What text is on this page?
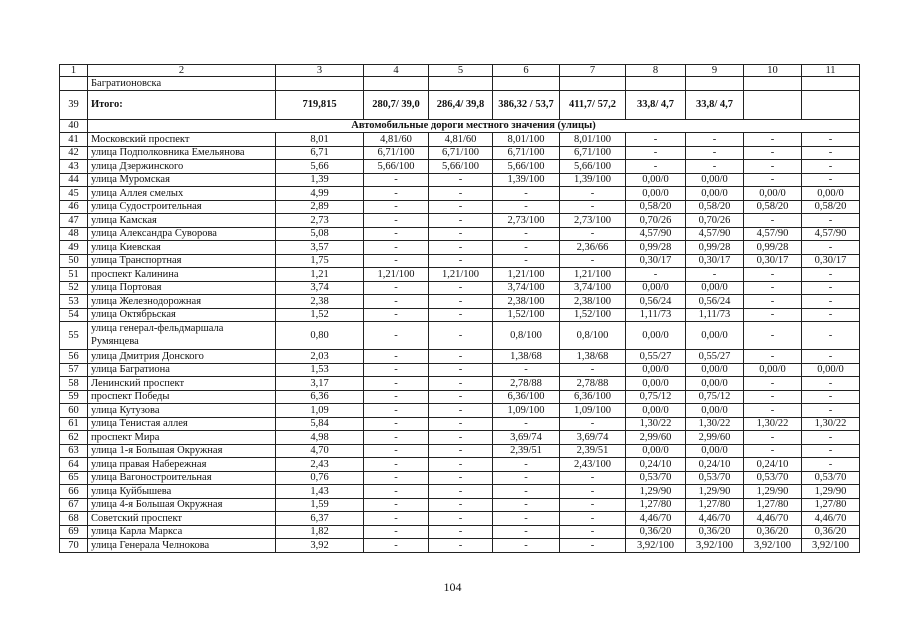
1	2	3	4	5	6	7	8	9	10	11
	Багратионовска									
39	Итого:	719,815	280,7/ 39,0	286,4/ 39,8	386,32 / 53,7	411,7/ 57,2	33,8/ 4,7	33,8/ 4,7		
40	Автомобильные дороги местного значения (улицы)									
41	Московский проспект	8,01	4,81/60	4,81/60	8,01/100	8,01/100	-	-	-	-
42	улица Подполковника Емельянова	6,71	6,71/100	6,71/100	6,71/100	6,71/100	-	-	-	-
43	улица Дзержинского	5,66	5,66/100	5,66/100	5,66/100	5,66/100	-	-	-	-
44	улица Муромская	1,39	-	-	1,39/100	1,39/100	0,00/0	0,00/0	-	-
45	улица Аллея смелых	4,99	-	-	-	-	0,00/0	0,00/0	0,00/0	0,00/0
46	улица Судостроительная	2,89	-	-	-	-	0,58/20	0,58/20	0,58/20	0,58/20
47	улица Камская	2,73	-	-	2,73/100	2,73/100	0,70/26	0,70/26	-	-
48	улица Александра Суворова	5,08	-	-	-	-	4,57/90	4,57/90	4,57/90	4,57/90
49	улица Киевская	3,57	-	-	-	2,36/66	0,99/28	0,99/28	0,99/28	-
50	улица Транспортная	1,75	-	-	-	-	0,30/17	0,30/17	0,30/17	0,30/17
51	проспект Калинина	1,21	1,21/100	1,21/100	1,21/100	1,21/100	-	-	-	-
52	улица Портовая	3,74	-	-	3,74/100	3,74/100	0,00/0	0,00/0	-	-
53	улица Железнодорожная	2,38	-	-	2,38/100	2,38/100	0,56/24	0,56/24	-	-
54	улица Октябрьская	1,52	-	-	1,52/100	1,52/100	1,11/73	1,11/73	-	-
55	улица генерал-фельдмаршала Румянцева	0,80	-	-	0,8/100	0,8/100	0,00/0	0,00/0	-	-
56	улица Дмитрия Донского	2,03	-	-	1,38/68	1,38/68	0,55/27	0,55/27	-	-
57	улица Багратиона	1,53	-	-	-	-	0,00/0	0,00/0	0,00/0	0,00/0
58	Ленинский проспект	3,17	-	-	2,78/88	2,78/88	0,00/0	0,00/0	-	-
59	проспект Победы	6,36	-	-	6,36/100	6,36/100	0,75/12	0,75/12	-	-
60	улица Кутузова	1,09	-	-	1,09/100	1,09/100	0,00/0	0,00/0	-	-
61	улица Тенистая аллея	5,84	-	-	-	-	1,30/22	1,30/22	1,30/22	1,30/22
62	проспект Мира	4,98	-	-	3,69/74	3,69/74	2,99/60	2,99/60	-	-
63	улица 1-я Большая Окружная	4,70	-	-	2,39/51	2,39/51	0,00/0	0,00/0	-	-
64	улица правая Набережная	2,43	-	-	-	2,43/100	0,24/10	0,24/10	0,24/10	-
65	улица Вагоностроительная	0,76	-	-	-	-	0,53/70	0,53/70	0,53/70	0,53/70
66	улица Куйбышева	1,43	-	-	-	-	1,29/90	1,29/90	1,29/90	1,29/90
67	улица 4-я Большая Окружная	1,59	-	-	-	-	1,27/80	1,27/80	1,27/80	1,27/80
68	Советский проспект	6,37	-	-	-	-	4,46/70	4,46/70	4,46/70	4,46/70
69	улица Карла Маркса	1,82	-	-	-	-	0,36/20	0,36/20	0,36/20	0,36/20
70	улица Генерала Челнокова	3,92	-	-	-	-	3,92/100	3,92/100	3,92/100	3,92/100
104
